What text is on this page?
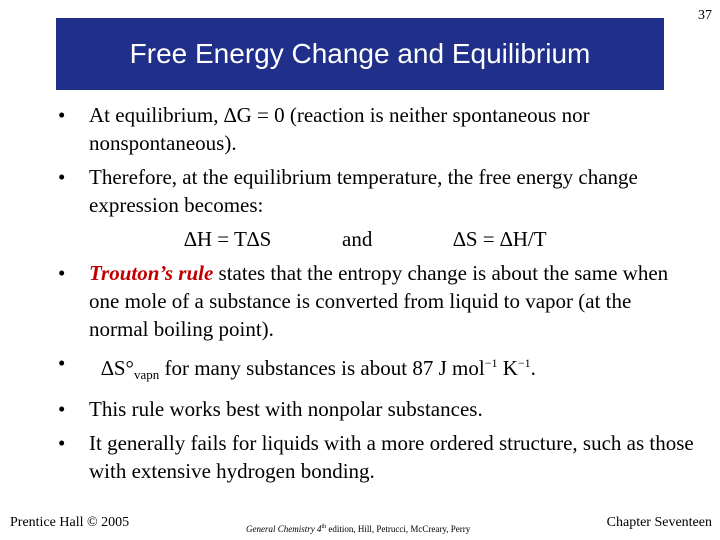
37
Free Energy Change and Equilibrium
• At equilibrium, ∆G = 0 (reaction is neither spontaneous nor nonspontaneous).
• Therefore, at the equilibrium temperature, the free energy change expression becomes:
∆H = T∆S	and	∆S = ∆H/T
• Trouton’s rule states that the entropy change is about the same when one mole of a substance is converted from liquid to vapor (at the normal boiling point).
• $\Delta S^\circ_{vapn}$ for many substances is about 87 J mol$^{-1}$ $K^{-1}$.
• This rule works best with nonpolar substances.
• It generally fails for liquids with a more ordered structure, such as those with extensive hydrogen bonding.
Prentice Hall © 2005	General Chemistry 4th edition, Hill, Petrucci, McCreary, Perry	Chapter Seventeen
